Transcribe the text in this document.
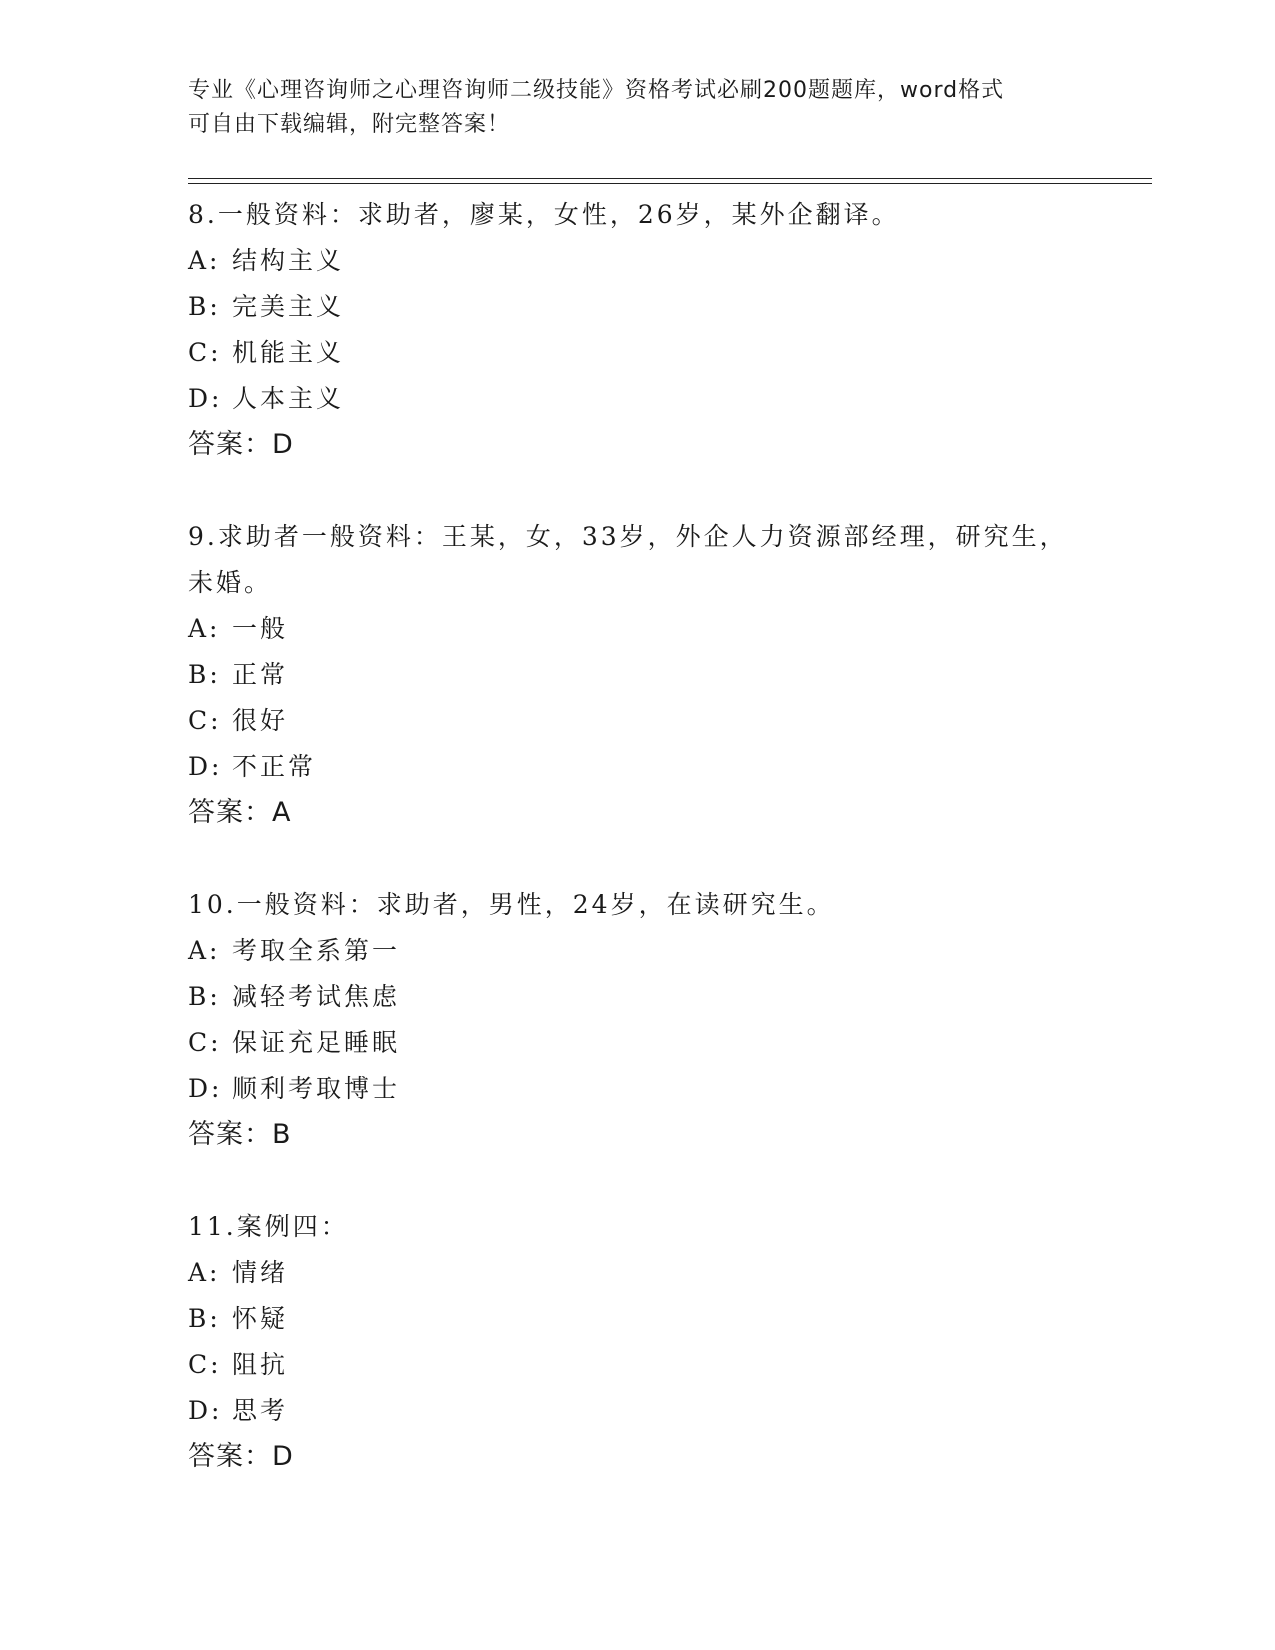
专业《心理咨询师之心理咨询师二级技能》资格考试必刷200题题库，word格式
可自由下载编辑，附完整答案！

8.一般资料：求助者，廖某，女性，26岁，某外企翻译。

A: 结构主义
B: 完美主义
C: 机能主义
D: 人本主义
答案：D

9.求助者一般资料：王某，女，33岁，外企人力资源部经理，研究生，未婚。

A: 一般
B: 正常
C: 很好
D: 不正常
答案：A

10.一般资料：求助者，男性，24岁，在读研究生。

A: 考取全系第一
B: 减轻考试焦虑
C: 保证充足睡眠
D: 顺利考取博士
答案：B

11.案例四：

A: 情绪
B: 怀疑
C: 阻抗
D: 思考
答案：D
